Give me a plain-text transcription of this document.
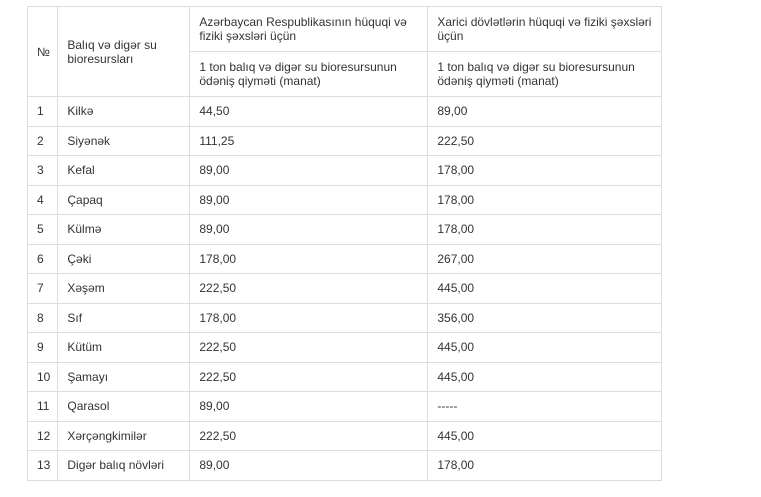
№	Balıq və digər su bioresursları	Azərbaycan Respublikasının hüquqi və fiziki şəxsləri üçün	Xarici dövlətlərin hüquqi və fiziki şəxsləri üçün
		1 ton balıq və digər su bioresursunun ödəniş qiyməti (manat)	1 ton balıq və digər su bioresursunun ödəniş qiyməti (manat)
1	Kilkə	44,50	89,00
2	Siyənək	111,25	222,50
3	Kefal	89,00	178,00
4	Çapaq	89,00	178,00
5	Külmə	89,00	178,00
6	Çəki	178,00	267,00
7	Xəşəm	222,50	445,00
8	Sıf	178,00	356,00
9	Kütüm	222,50	445,00
10	Şamayı	222,50	445,00
11	Qarasol	89,00	-----
12	Xərçəngkimilər	222,50	445,00
13	Digər balıq növləri	89,00	178,00
